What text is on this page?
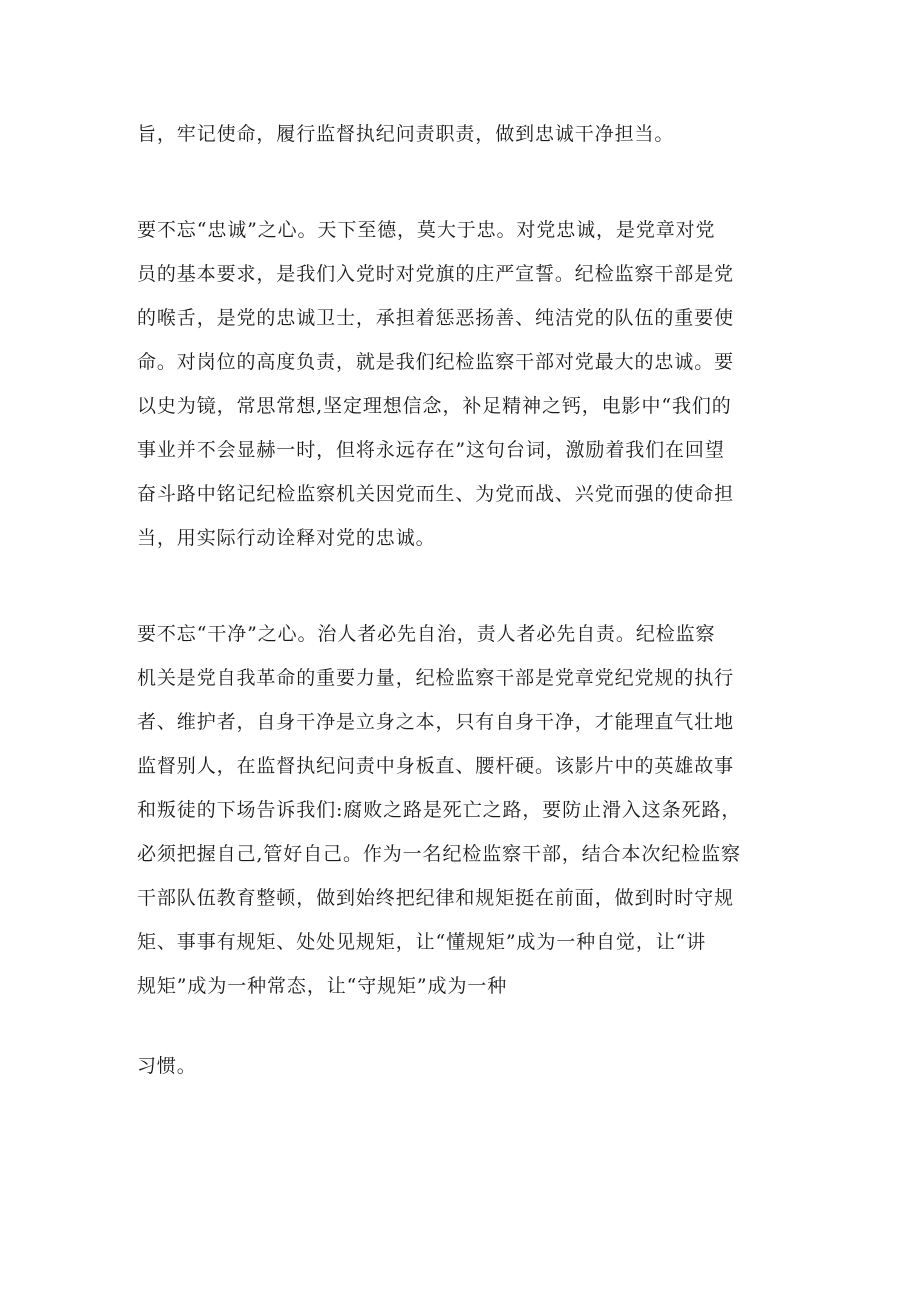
旨，牢记使命，履行监督执纪问责职责，做到忠诚干净担当。
要不忘“忠诚”之心。天下至德，莫大于忠。对党忠诚，是党章对党
员的基本要求，是我们入党时对党旗的庄严宣誓。纪检监察干部是党
的喉舌，是党的忠诚卫士，承担着惩恶扬善、纯洁党的队伍的重要使
命。对岗位的高度负责，就是我们纪检监察干部对党最大的忠诚。要
以史为镜，常思常想,坚定理想信念，补足精神之钙，电影中“我们的
事业并不会显赫一时，但将永远存在”这句台词，激励着我们在回望
奋斗路中铭记纪检监察机关因党而生、为党而战、兴党而强的使命担
当，用实际行动诠释对党的忠诚。
要不忘“干净”之心。治人者必先自治，责人者必先自责。纪检监察
机关是党自我革命的重要力量，纪检监察干部是党章党纪党规的执行
者、维护者，自身干净是立身之本，只有自身干净，才能理直气壮地
监督别人，在监督执纪问责中身板直、腰杆硬。该影片中的英雄故事
和叛徒的下场告诉我们:腐败之路是死亡之路，要防止滑入这条死路，
必须把握自己,管好自己。作为一名纪检监察干部，结合本次纪检监察
干部队伍教育整顿，做到始终把纪律和规矩挺在前面，做到时时守规
矩、事事有规矩、处处见规矩，让“懂规矩”成为一种自觉，让“讲
规矩”成为一种常态，让“守规矩”成为一种
习惯。
